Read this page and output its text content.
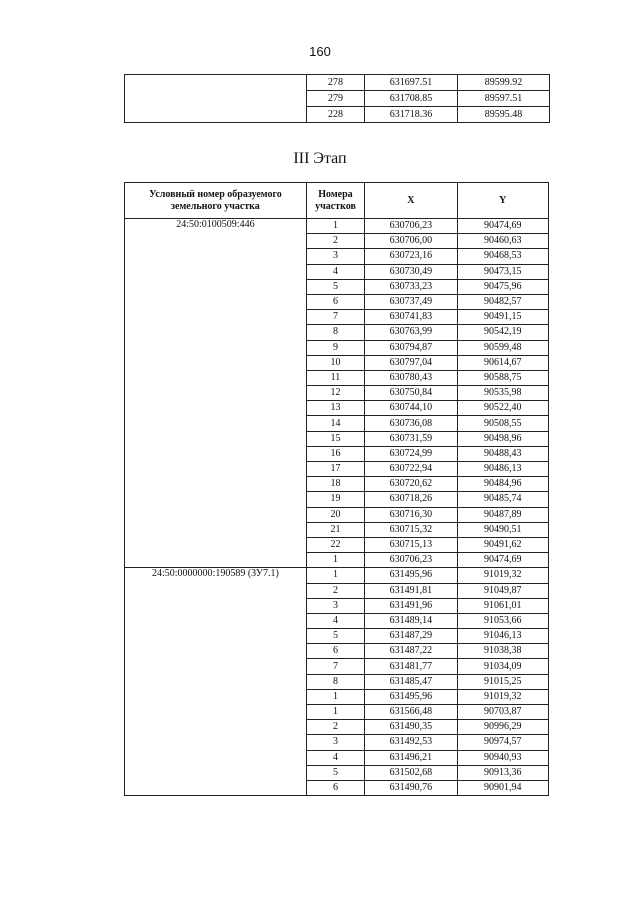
160
	278	631697.51	89599.92
	279	631708.85	89597.51
	228	631718.36	89595.48
III Этап
Условный номер образуемого земельного участка	Номера участков	X	Y
24:50:0100509:446	1	630706,23	90474,69
	2	630706,00	90460,63
	3	630723,16	90468,53
	4	630730,49	90473,15
	5	630733,23	90475,96
	6	630737,49	90482,57
	7	630741,83	90491,15
	8	630763,99	90542,19
	9	630794,87	90599,48
	10	630797,04	90614,67
	11	630780,43	90588,75
	12	630750,84	90535,98
	13	630744,10	90522,40
	14	630736,08	90508,55
	15	630731,59	90498,96
	16	630724,99	90488,43
	17	630722,94	90486,13
	18	630720,62	90484,96
	19	630718,26	90485,74
	20	630716,30	90487,89
	21	630715,32	90490,51
	22	630715,13	90491,62
	1	630706,23	90474,69
24:50:0000000:190589 (ЗУ7.1)	1	631495,96	91019,32
	2	631491,81	91049,87
	3	631491,96	91061,01
	4	631489,14	91053,66
	5	631487,29	91046,13
	6	631487,22	91038,38
	7	631481,77	91034,09
	8	631485,47	91015,25
	1	631495,96	91019,32
	1	631566,48	90703,87
	2	631490,35	90996,29
	3	631492,53	90974,57
	4	631496,21	90940,93
	5	631502,68	90913,36
	6	631490,76	90901,94
